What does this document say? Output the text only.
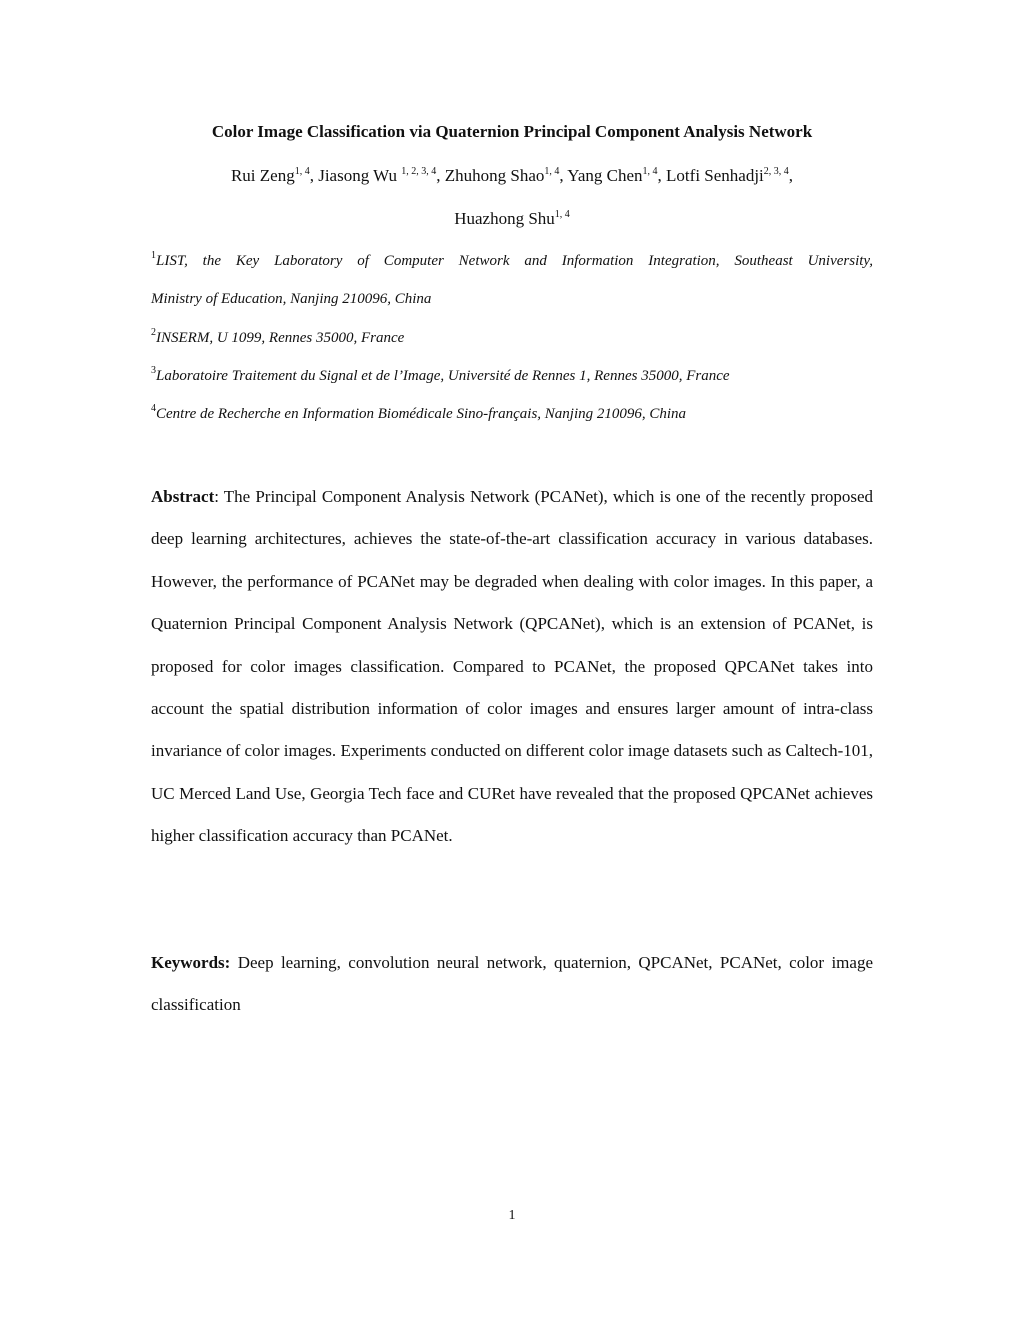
Color Image Classification via Quaternion Principal Component Analysis Network
Rui Zeng$^{1, 4}$, Jiasong Wu $^{1, 2, 3, 4}$, Zhuhong Shao$^{1, 4}$, Yang Chen$^{1, 4}$, Lotfi Senhadji$^{2, 3, 4}$,
Huazhong Shu$^{1, 4}$
$^1$LIST, the Key Laboratory of Computer Network and Information Integration, Southeast University,
Ministry of Education, Nanjing 210096, China
$^2$INSERM, U 1099, Rennes 35000, France
$^3$Laboratoire Traitement du Signal et de l’Image, Université de Rennes 1, Rennes 35000, France
$^4$Centre de Recherche en Information Biomédicale Sino-français, Nanjing 210096, China

Abstract: The Principal Component Analysis Network (PCANet), which is one of the recently proposed deep learning architectures, achieves the state-of-the-art classification accuracy in various databases. However, the performance of PCANet may be degraded when dealing with color images. In this paper, a Quaternion Principal Component Analysis Network (QPCANet), which is an extension of PCANet, is proposed for color images classification. Compared to PCANet, the proposed QPCANet takes into account the spatial distribution information of color images and ensures larger amount of intra-class invariance of color images. Experiments conducted on different color image datasets such as Caltech-101, UC Merced Land Use, Georgia Tech face and CURet have revealed that the proposed QPCANet achieves higher classification accuracy than PCANet.

Keywords: Deep learning, convolution neural network, quaternion, QPCANet, PCANet, color image classification

1
